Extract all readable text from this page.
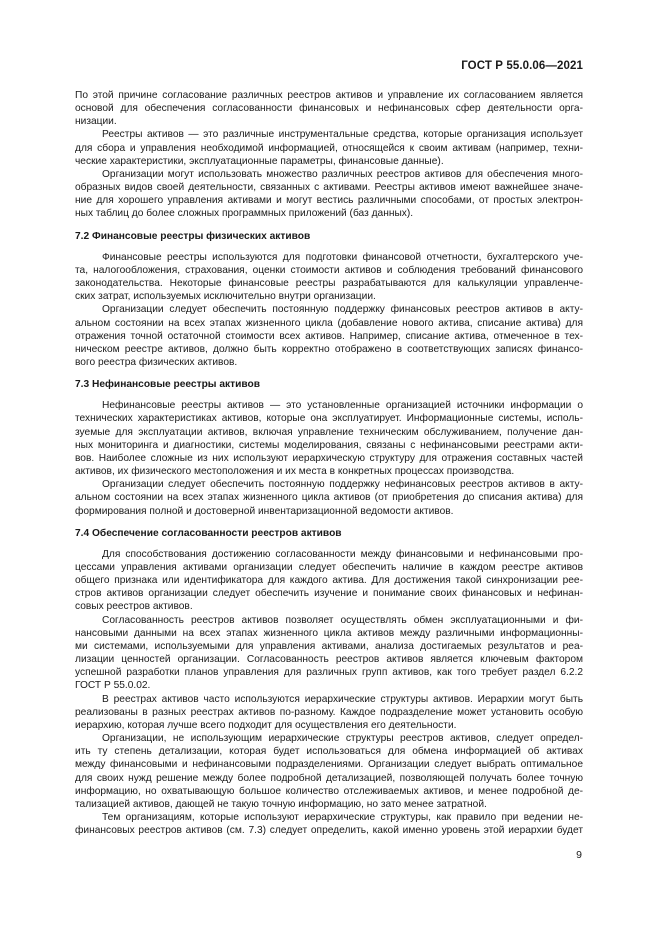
ГОСТ Р 55.0.06—2021
По этой причине согласование различных реестров активов и управление их согласованием является
основой для обеспечения согласованности финансовых и нефинансовых сфер деятельности орга-
низации.
Реестры активов — это различные инструментальные средства, которые организация использует
для сбора и управления необходимой информацией, относящейся к своим активам (например, техни-
ческие характеристики, эксплуатационные параметры, финансовые данные).
Организации могут использовать множество различных реестров активов для обеспечения много-
образных видов своей деятельности, связанных с активами. Реестры активов имеют важнейшее значе-
ние для хорошего управления активами и могут вестись различными способами, от простых электрон-
ных таблиц до более сложных программных приложений (баз данных).
7.2 Финансовые реестры физических активов
Финансовые реестры используются для подготовки финансовой отчетности, бухгалтерского уче-
та, налогообложения, страхования, оценки стоимости активов и соблюдения требований финансового
законодательства. Некоторые финансовые реестры разрабатываются для калькуляции управленче-
ских затрат, используемых исключительно внутри организации.
Организации следует обеспечить постоянную поддержку финансовых реестров активов в акту-
альном состоянии на всех этапах жизненного цикла (добавление нового актива, списание актива) для
отражения точной остаточной стоимости всех активов. Например, списание актива, отмеченное в тех-
ническом реестре активов, должно быть корректно отображено в соответствующих записях финансо-
вого реестра физических активов.
7.3 Нефинансовые реестры активов
Нефинансовые реестры активов — это установленные организацией источники информации о
технических характеристиках активов, которые она эксплуатирует. Информационные системы, исполь-
зуемые для эксплуатации активов, включая управление техническим обслуживанием, получение дан-
ных мониторинга и диагностики, системы моделирования, связаны с нефинансовыми реестрами акти-
вов. Наиболее сложные из них используют иерархическую структуру для отражения составных частей
активов, их физического местоположения и их места в конкретных процессах производства.
Организации следует обеспечить постоянную поддержку нефинансовых реестров активов в акту-
альном состоянии на всех этапах жизненного цикла активов (от приобретения до списания актива) для
формирования полной и достоверной инвентаризационной ведомости активов.
7.4 Обеспечение согласованности реестров активов
Для способствования достижению согласованности между финансовыми и нефинансовыми про-
цессами управления активами организации следует обеспечить наличие в каждом реестре активов
общего признака или идентификатора для каждого актива. Для достижения такой синхронизации рее-
стров активов организации следует обеспечить изучение и понимание своих финансовых и нефинан-
совых реестров активов.
Согласованность реестров активов позволяет осуществлять обмен эксплуатационными и фи-
нансовыми данными на всех этапах жизненного цикла активов между различными информационны-
ми системами, используемыми для управления активами, анализа достигаемых результатов и реа-
лизации ценностей организации. Согласованность реестров активов является ключевым фактором
успешной разработки планов управления для различных групп активов, как того требует раздел 6.2.2
ГОСТ Р 55.0.02.
В реестрах активов часто используются иерархические структуры активов. Иерархии могут быть
реализованы в разных реестрах активов по-разному. Каждое подразделение может установить особую
иерархию, которая лучше всего подходит для осуществления его деятельности.
Организации, не использующим иерархические структуры реестров активов, следует определ-
ить ту степень детализации, которая будет использоваться для обмена информацией об активах
между финансовыми и нефинансовыми подразделениями. Организации следует выбрать оптимальное
для своих нужд решение между более подробной детализацией, позволяющей получать более точную
информацию, но охватывающую большое количество отслеживаемых активов, и менее подробной де-
тализацией активов, дающей не такую точную информацию, но зато менее затратной.
Тем организациям, которые используют иерархические структуры, как правило при ведении не-
финансовых реестров активов (см. 7.3) следует определить, какой именно уровень этой иерархии будет
9
